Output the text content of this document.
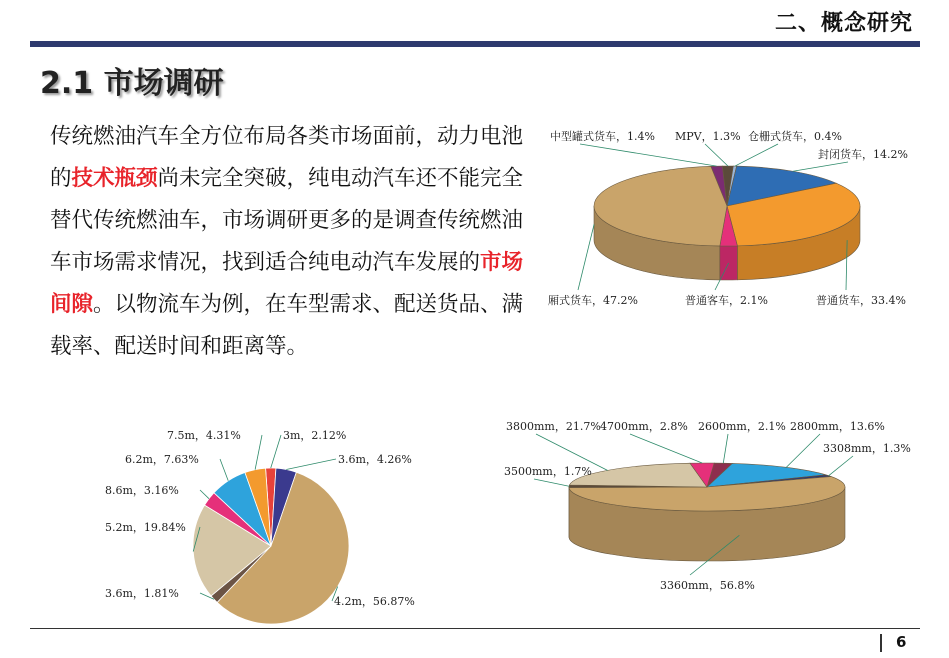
二、概念研究
2.1 市场调研
传统燃油汽车全方位布局各类市场面前，动力电池的技术瓶颈尚未完全突破，纯电动汽车还不能完全替代传统燃油车，市场调研更多的是调查传统燃油车市场需求情况，找到适合纯电动汽车发展的市场间隙。以物流车为例，在车型需求、配送货品、满载率、配送时间和距离等。
中型罐式货车，1.4% MPV，1.3% 仓栅式货车，0.4%
封闭货车，14.2%
普通货车，33.4%
普通客车，2.1%
厢式货车，47.2%
3m，2.12%
3.6m，4.26%
4.2m，56.87%
3.6m，1.81%
5.2m，19.84%
8.6m，3.16%
6.2m，7.63%
7.5m，4.31%
2600mm，2.1% 2800mm，13.6%
3308mm，1.3%
3360mm，56.8%
3500mm，1.7%
3800mm，21.7% 4700mm，2.8%
6
